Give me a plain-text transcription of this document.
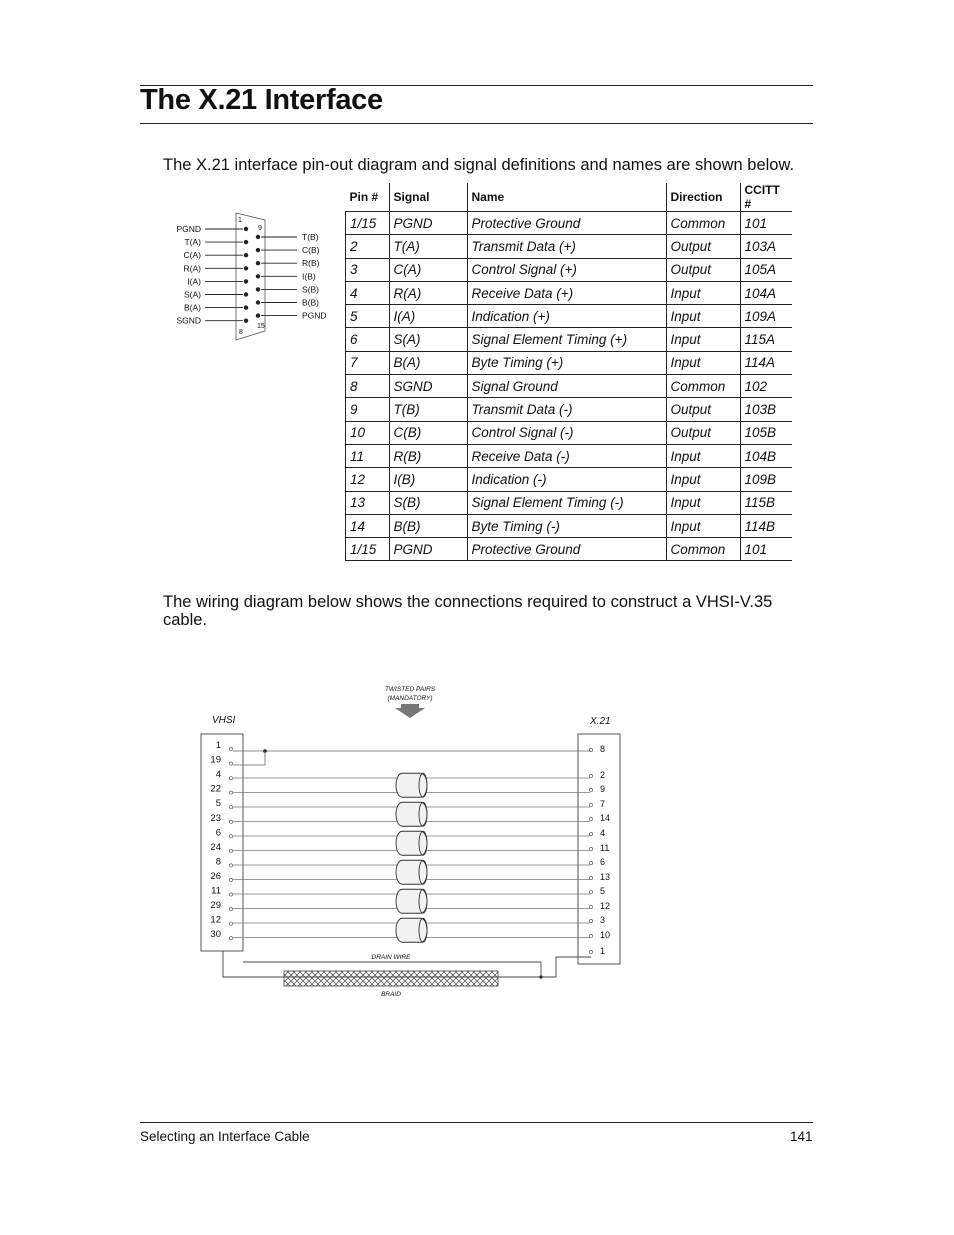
The X.21 Interface

The X.21 interface pin-out diagram and signal definitions and names are shown below.

1
9
8
15
PGND
T(A)
C(A)
R(A)
I(A)
S(A)
B(A)
SGND
T(B)
C(B)
R(B)
I(B)
S(B)
B(B)
PGND
Pin #	Signal	Name	Direction	CCITT #
1/15	PGND	Protective Ground	Common	101
2	T(A)	Transmit Data (+)	Output	103A
3	C(A)	Control Signal (+)	Output	105A
4	R(A)	Receive Data (+)	Input	104A
5	I(A)	Indication (+)	Input	109A
6	S(A)	Signal Element Timing (+)	Input	115A
7	B(A)	Byte Timing (+)	Input	114A
8	SGND	Signal Ground	Common	102
9	T(B)	Transmit Data (-)	Output	103B
10	C(B)	Control Signal (-)	Output	105B
11	R(B)	Receive Data (-)	Input	104B
12	I(B)	Indication (-)	Input	109B
13	S(B)	Signal Element Timing (-)	Input	115B
14	B(B)	Byte Timing (-)	Input	114B
1/15	PGND	Protective Ground	Common	101

The wiring diagram below shows the connections required to construct a VHSI-V.35 cable.

TWISTED PAIRS
(MANDATORY)
VHSI	X.21
1
19
4
22
5
23
6
24
8
26
11
29
12
30
8
2
9
7
14
4
11
6
13
5
12
3
10
1
DRAIN WIRE
BRAID
Selecting an Interface Cable	141
